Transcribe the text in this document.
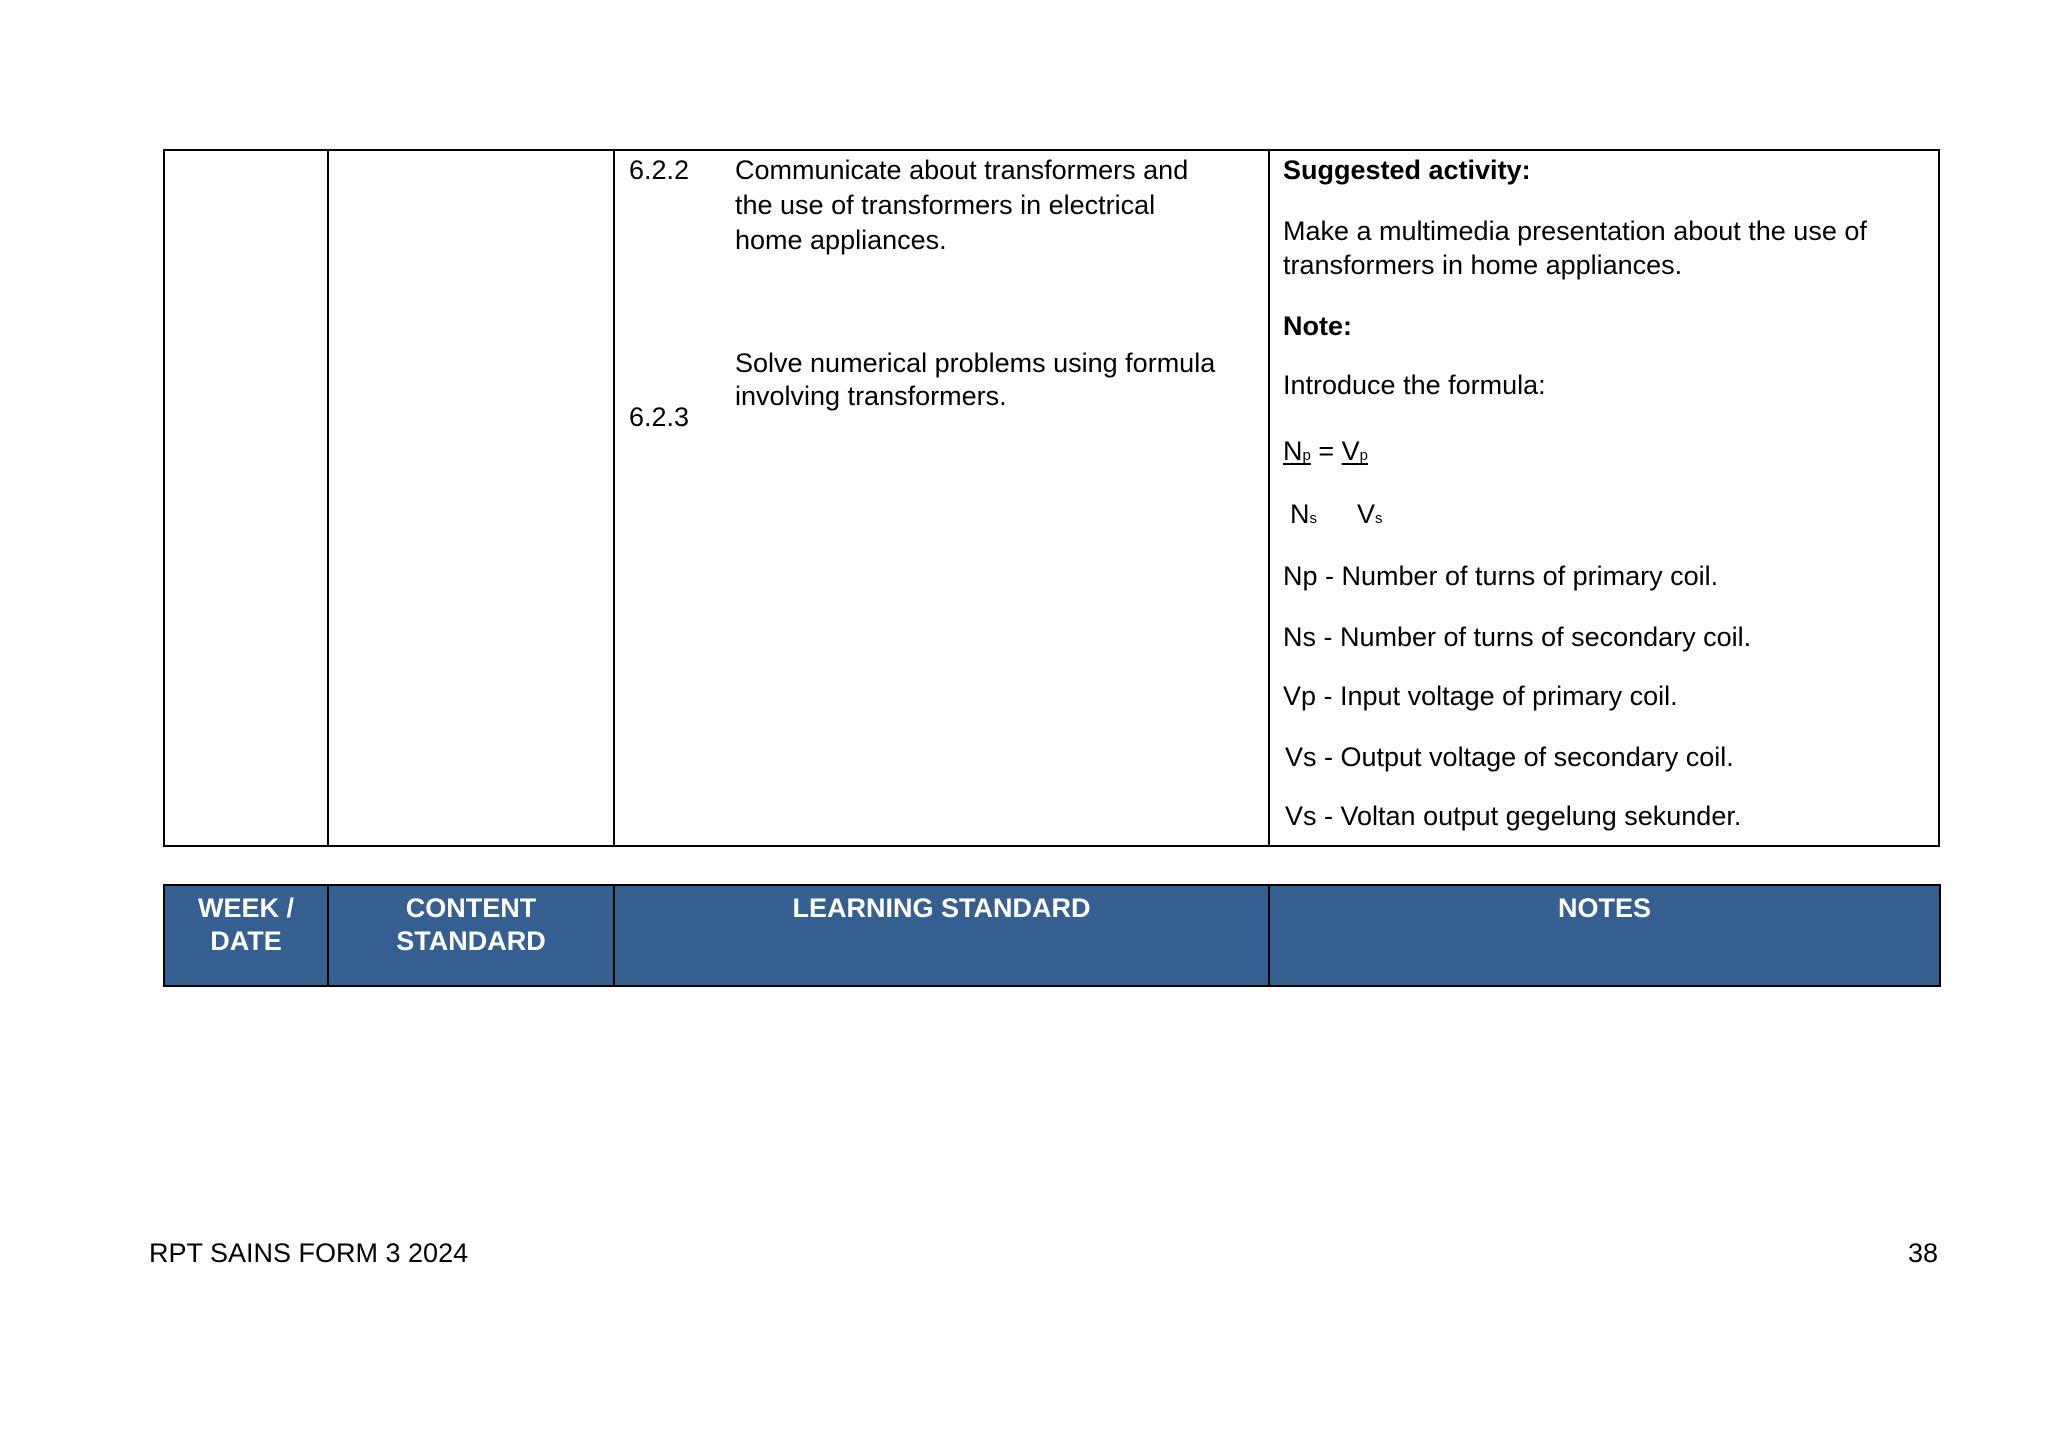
6.2.2 Communicate about transformers and
the use of transformers in electrical
home appliances.
Solve numerical problems using formula
involving transformers.
6.2.3
Suggested activity:
Make a multimedia presentation about the use of
transformers in home appliances.
Note:
Introduce the formula:
Np = Vp
Ns Vs
Np - Number of turns of primary coil.
Ns - Number of turns of secondary coil.
Vp - Input voltage of primary coil.
Vs - Output voltage of secondary coil.
Vs - Voltan output gegelung sekunder.
WEEK /
DATE
CONTENT
STANDARD
LEARNING STANDARD	NOTES
RPT SAINS FORM 3 2024	38
